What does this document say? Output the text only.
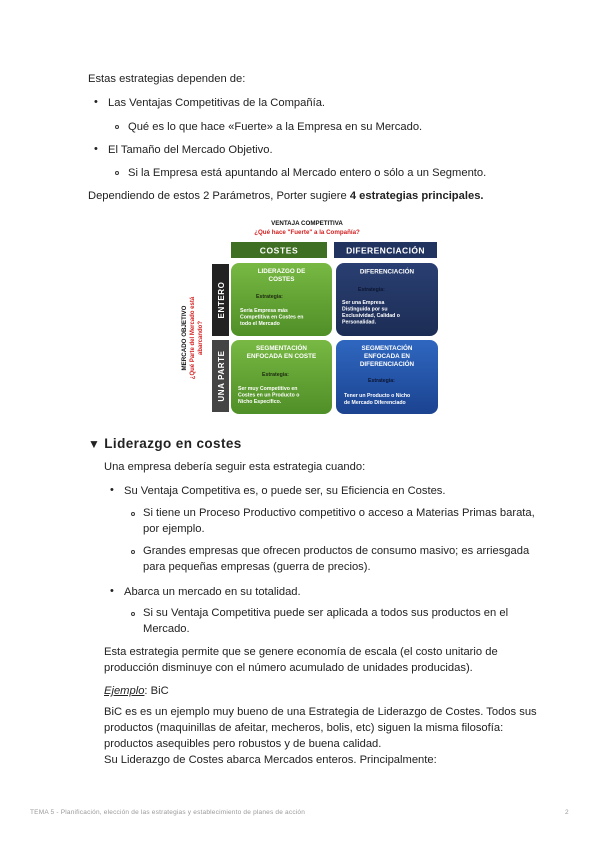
Estas estrategias dependen de:
• Las Ventajas Competitivas de la Compañía.
Qué es lo que hace «Fuerte» a la Empresa en su Mercado.
• El Tamaño del Mercado Objetivo.
Si la Empresa está apuntando al Mercado entero o sólo a un Segmento.
Dependiendo de estos 2 Parámetros, Porter sugiere 4 estrategias principales.
VENTAJA COMPETITIVA
¿Qué hace "Fuerte" a la Compañía?
COSTES	DIFERENCIACIÓN
ENTERO
UNA PARTE
MERCADO OBJETIVO ¿Qué Parte del Mercado está abarcando?
LIDERAZGO DE
COSTES
Estrategia:
Sería Empresa más
Competitiva en Costes en
todo el Mercado
DIFERENCIACIÓN
Estrategia:
Ser una Empresa
Distinguida por su
Exclusividad, Calidad o
Personalidad.
SEGMENTACIÓN
ENFOCADA EN COSTE
Estrategia:
Ser muy Competitivo en
Costes en un Producto o
Nicho Específico.
SEGMENTACIÓN
ENFOCADA EN
DIFERENCIACIÓN
Estrategia:
Tener un Producto o Nicho
de Mercado Diferenciado
▼ Liderazgo en costes
Una empresa debería seguir esta estrategia cuando:
• Su Ventaja Competitiva es, o puede ser, su Eficiencia en Costes.
Si tiene un Proceso Productivo competitivo o acceso a Materias Primas barata,
por ejemplo.
Grandes empresas que ofrecen productos de consumo masivo; es arriesgada
para pequeñas empresas (guerra de precios).
• Abarca un mercado en su totalidad.
Si su Ventaja Competitiva puede ser aplicada a todos sus productos en el
Mercado.
Esta estrategia permite que se genere economía de escala (el costo unitario de
producción disminuye con el número acumulado de unidades producidas).
Ejemplo: BiC
BiC es es un ejemplo muy bueno de una Estrategia de Liderazgo de Costes. Todos sus
productos (maquinillas de afeitar, mecheros, bolis, etc) siguen la misma filosofía:
productos asequibles pero robustos y de buena calidad.
Su Liderazgo de Costes abarca Mercados enteros. Principalmente:
TEMA 5 - Planificación, elección de las estrategias y establecimiento de planes de acción	2
